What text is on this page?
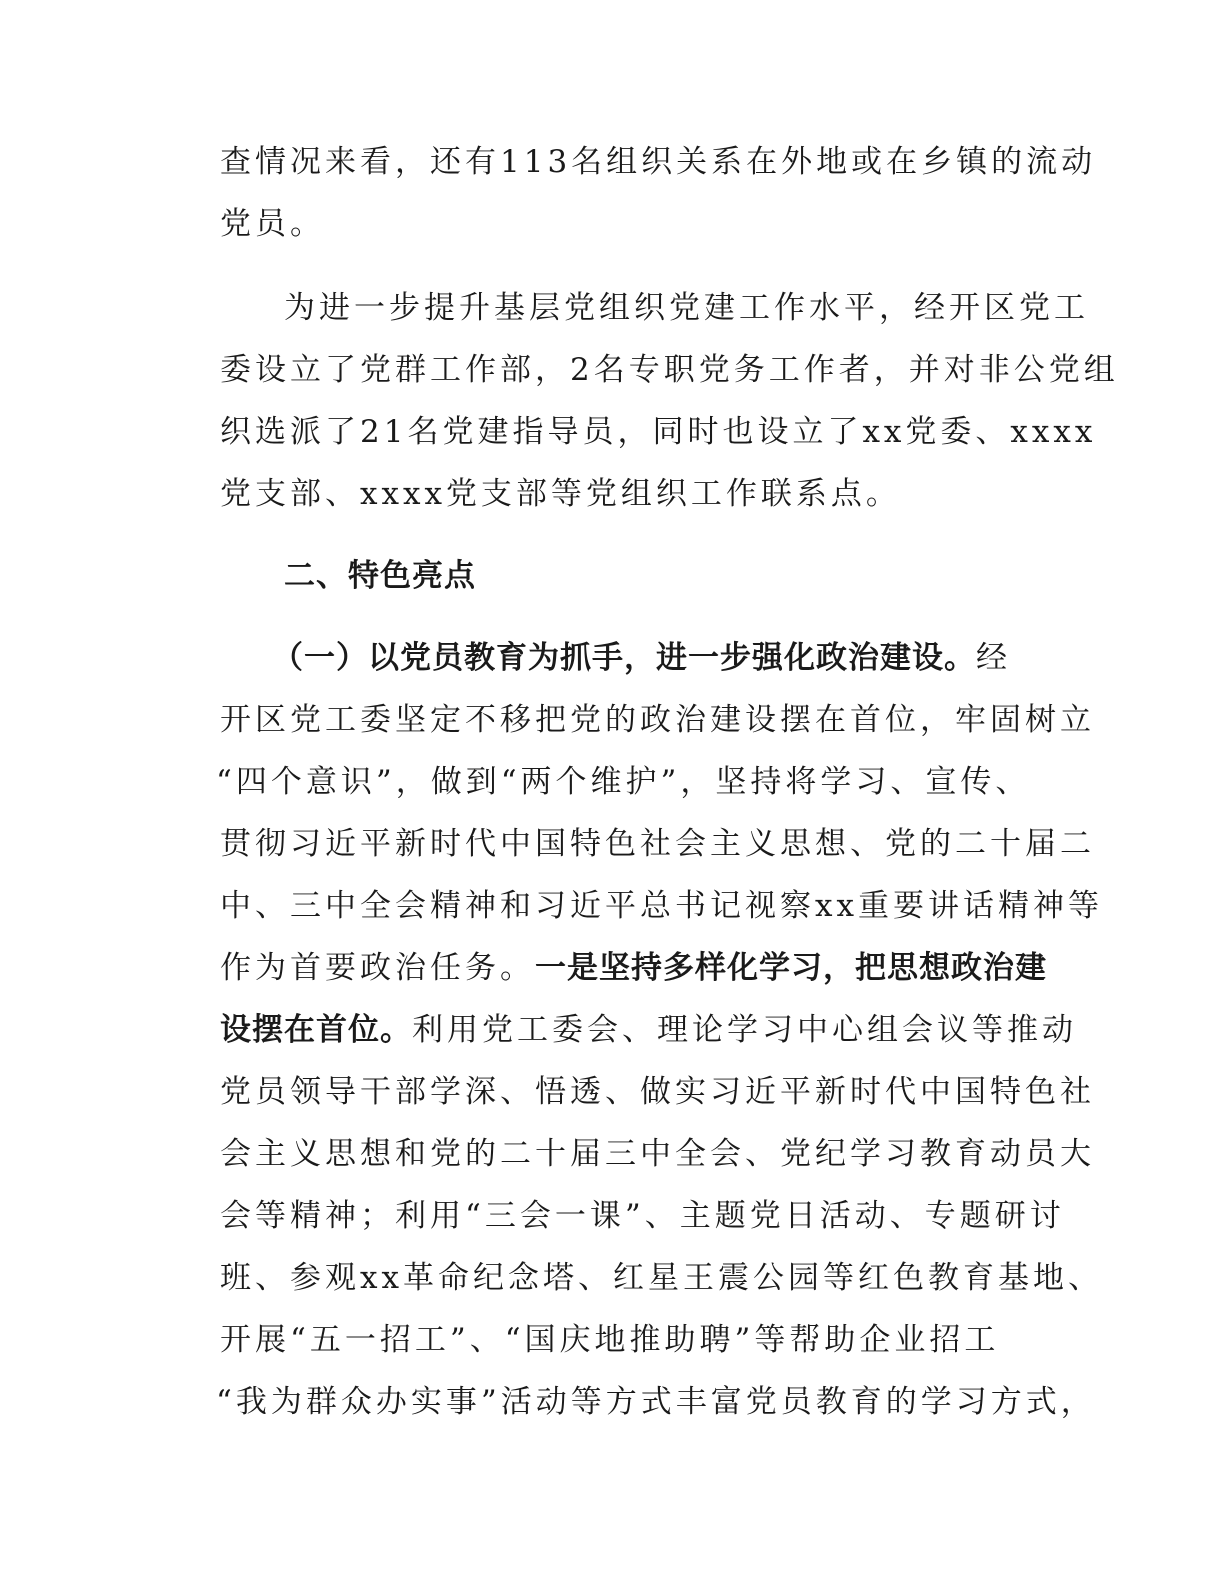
查情况来看，还有113名组织关系在外地或在乡镇的流动
党员。
为进一步提升基层党组织党建工作水平，经开区党工
委设立了党群工作部，2名专职党务工作者，并对非公党组
织选派了21名党建指导员，同时也设立了xx党委、xxxx
党支部、xxxx党支部等党组织工作联系点。
二、特色亮点
（一）以党员教育为抓手，进一步强化政治建设。经
开区党工委坚定不移把党的政治建设摆在首位，牢固树立
“四个意识”，做到“两个维护”，坚持将学习、宣传、
贯彻习近平新时代中国特色社会主义思想、党的二十届二
中、三中全会精神和习近平总书记视察xx重要讲话精神等
作为首要政治任务。一是坚持多样化学习，把思想政治建
设摆在首位。利用党工委会、理论学习中心组会议等推动
党员领导干部学深、悟透、做实习近平新时代中国特色社
会主义思想和党的二十届三中全会、党纪学习教育动员大
会等精神；利用“三会一课”、主题党日活动、专题研讨
班、参观xx革命纪念塔、红星王震公园等红色教育基地、
开展“五一招工”、“国庆地推助聘”等帮助企业招工
“我为群众办实事”活动等方式丰富党员教育的学习方式，
